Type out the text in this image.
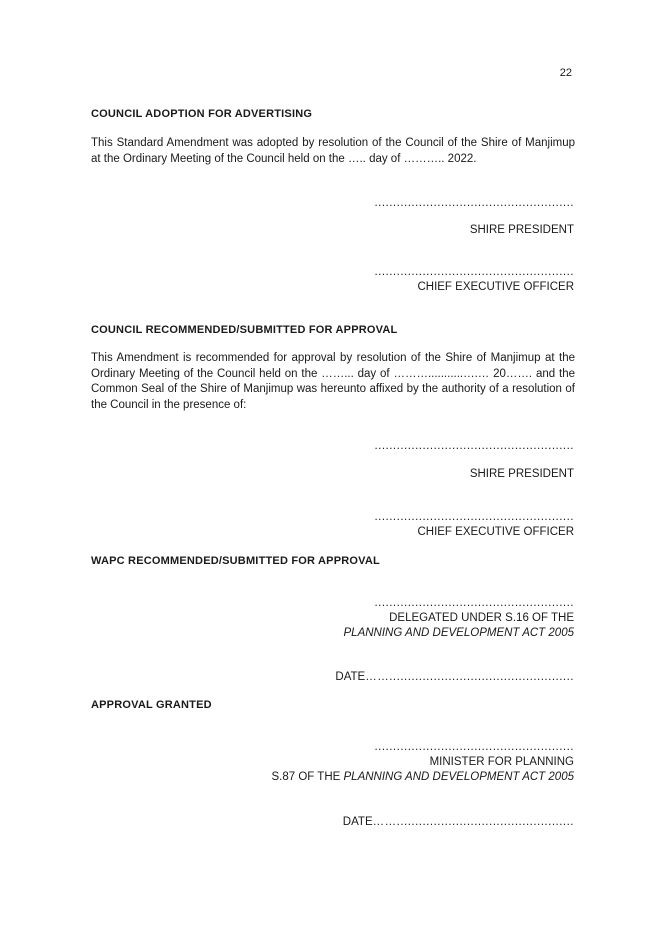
22
COUNCIL ADOPTION FOR ADVERTISING
This Standard Amendment was adopted by resolution of the Council of the Shire of Manjimup at the Ordinary Meeting of the Council held on the ….. day of ……….. 2022.
......................................................
SHIRE PRESIDENT
......................................................
CHIEF EXECUTIVE OFFICER
COUNCIL RECOMMENDED/SUBMITTED FOR APPROVAL
This Amendment is recommended for approval by resolution of the Shire of Manjimup at the Ordinary Meeting of the Council held on the ……... day of ………...........….… 20……. and the Common Seal of the Shire of Manjimup was hereunto affixed by the authority of a resolution of the Council in the presence of:
......................................................
SHIRE PRESIDENT
......................................................
CHIEF EXECUTIVE OFFICER
WAPC RECOMMENDED/SUBMITTED FOR APPROVAL
......................................................
DELEGATED UNDER S.16 OF THE
PLANNING AND DEVELOPMENT ACT 2005
DATE……..................................................
APPROVAL GRANTED
......................................................
MINISTER FOR PLANNING
S.87 OF THE PLANNING AND DEVELOPMENT ACT 2005
DATE……................................................
